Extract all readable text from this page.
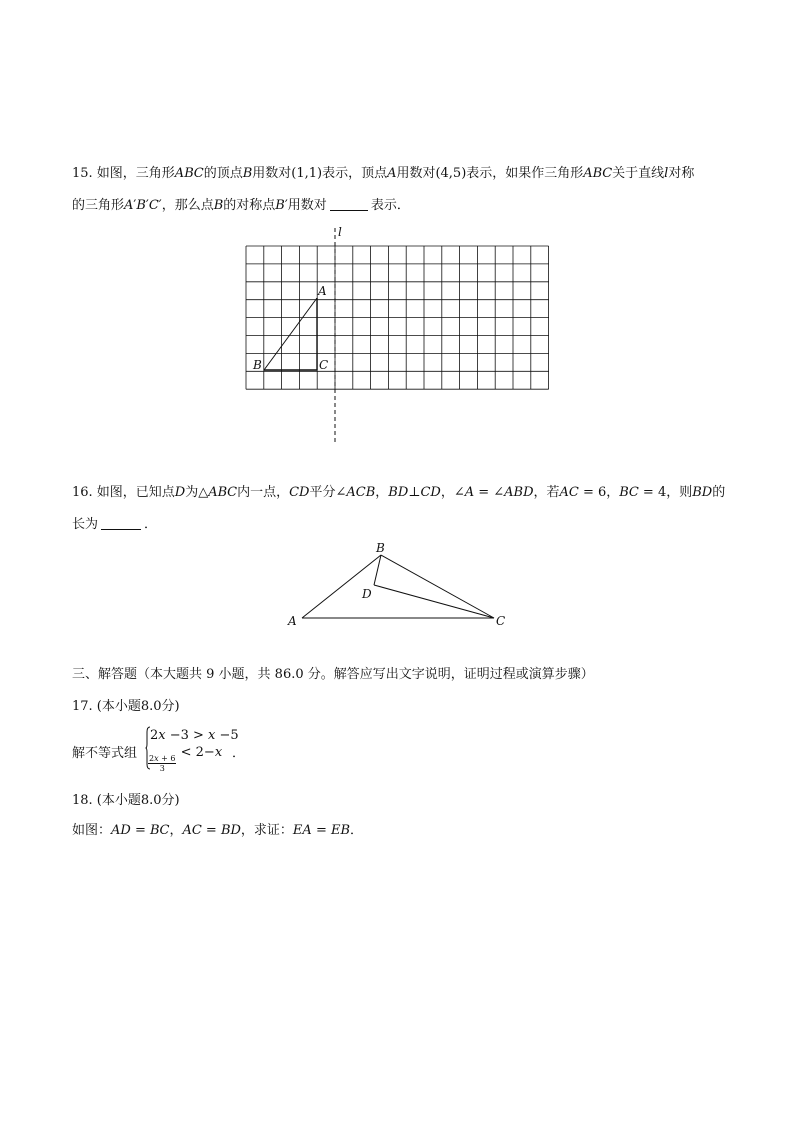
15. 如图，三角形𝐴𝐵𝐶的顶点𝐵用数对(1,1)表示，顶点𝐴用数对(4,5)表示，如果作三角形𝐴𝐵𝐶关于直线𝑙对称
的三角形𝐴′𝐵′𝐶′，那么点𝐵的对称点𝐵′用数对	表示．
l
A
B	C
A
B
C
D
16. 如图，已知点𝐷为△𝐴𝐵𝐶内一点，𝐶𝐷平分∠𝐴𝐶𝐵，𝐵𝐷⊥𝐶𝐷，∠𝐴 = ∠𝐴𝐵𝐷，若𝐴𝐶 = 6，𝐵𝐶 = 4，则𝐵𝐷的
长为	．
三、解答题（本大题共 9 小题，共 86.0 分。解答应写出文字说明，证明过程或演算步骤）
17. (本小题8.0分)
解不等式组
2𝑥 −3 > 𝑥 −5
$\frac{\text{2𝑥 + 6}}{3}$
< 2−𝑥 ．
18. (本小题8.0分)
如图：𝐴𝐷 = 𝐵𝐶，𝐴𝐶 = 𝐵𝐷，求证：𝐸𝐴 = 𝐸𝐵．
